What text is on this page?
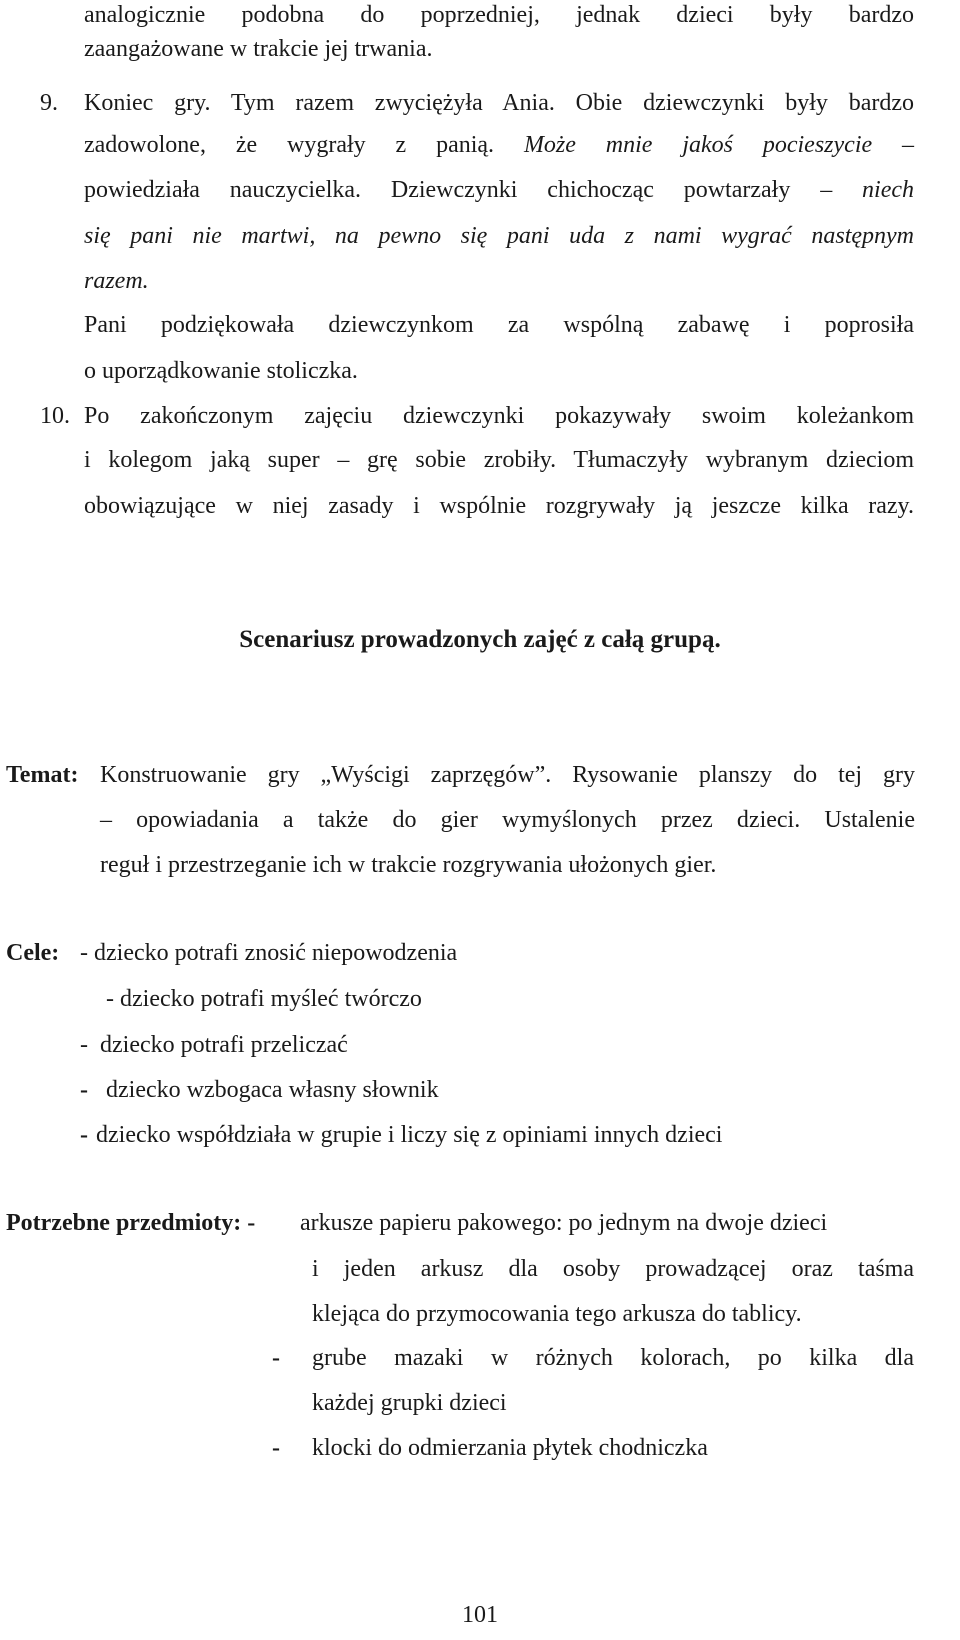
analogicznie podobna do poprzedniej, jednak dzieci były bardzo
zaangażowane w trakcie jej trwania.
9. Koniec gry. Tym razem zwyciężyła Ania. Obie dziewczynki były bardzo
zadowolone, że wygrały z panią. Może mnie jakoś pocieszycie –
powiedziała nauczycielka. Dziewczynki chichocząc powtarzały – niech
się pani nie martwi, na pewno się pani uda z nami wygrać następnym
razem.
Pani podziękowała dziewczynkom za wspólną zabawę i poprosiła
o uporządkowanie stoliczka.
10. Po zakończonym zajęciu dziewczynki pokazywały swoim koleżankom
i kolegom jaką super – grę sobie zrobiły. Tłumaczyły wybranym dzieciom
obowiązujące w niej zasady i wspólnie rozgrywały ją jeszcze kilka razy.
Scenariusz prowadzonych zajęć z całą grupą.
Temat: Konstruowanie gry „Wyścigi zaprzęgów”. Rysowanie planszy do tej gry
– opowiadania a także do gier wymyślonych przez dzieci. Ustalenie
reguł i przestrzeganie ich w trakcie rozgrywania ułożonych gier.
Cele: - dziecko potrafi znosić niepowodzenia
- dziecko potrafi myśleć twórczo
-  dziecko potrafi przeliczać
- dziecko wzbogaca własny słownik
- dziecko współdziała w grupie i liczy się z opiniami innych dzieci
Potrzebne przedmioty: - arkusze papieru pakowego: po jednym na dwoje dzieci
i jeden arkusz dla osoby prowadzącej oraz taśma
klejąca do przymocowania tego arkusza do tablicy.
- grube mazaki w różnych kolorach, po kilka dla
każdej grupki dzieci
- klocki do odmierzania płytek chodniczka
101
